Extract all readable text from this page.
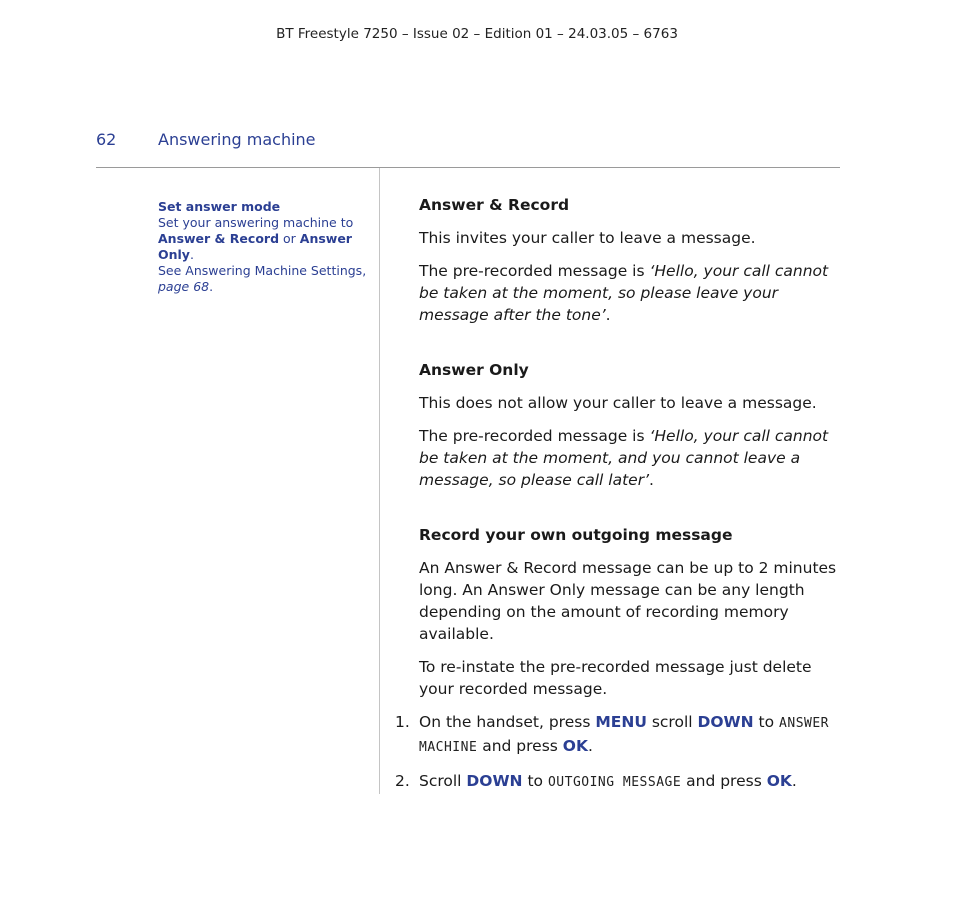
BT Freestyle 7250 – Issue 02 – Edition 01 – 24.03.05 – 6763
62	Answering machine
Set answer mode
Set your answering machine to
Answer & Record or Answer Only.
See Answering Machine Settings,
page 68.
Answer & Record

This invites your caller to leave a message.

The pre-recorded message is ‘Hello, your call cannot be taken at the moment, so please leave your message after the tone’.

Answer Only

This does not allow your caller to leave a message.

The pre-recorded message is ‘Hello, your call cannot be taken at the moment, and you cannot leave a message, so please call later’.

Record your own outgoing message

An Answer & Record message can be up to 2 minutes long. An Answer Only message can be any length depending on the amount of recording memory available.

To re-instate the pre-recorded message just delete your recorded message.

1. On the handset, press MENU scroll DOWN to ANSWER MACHINE and press OK.
2. Scroll DOWN to OUTGOING MESSAGE and press OK.
